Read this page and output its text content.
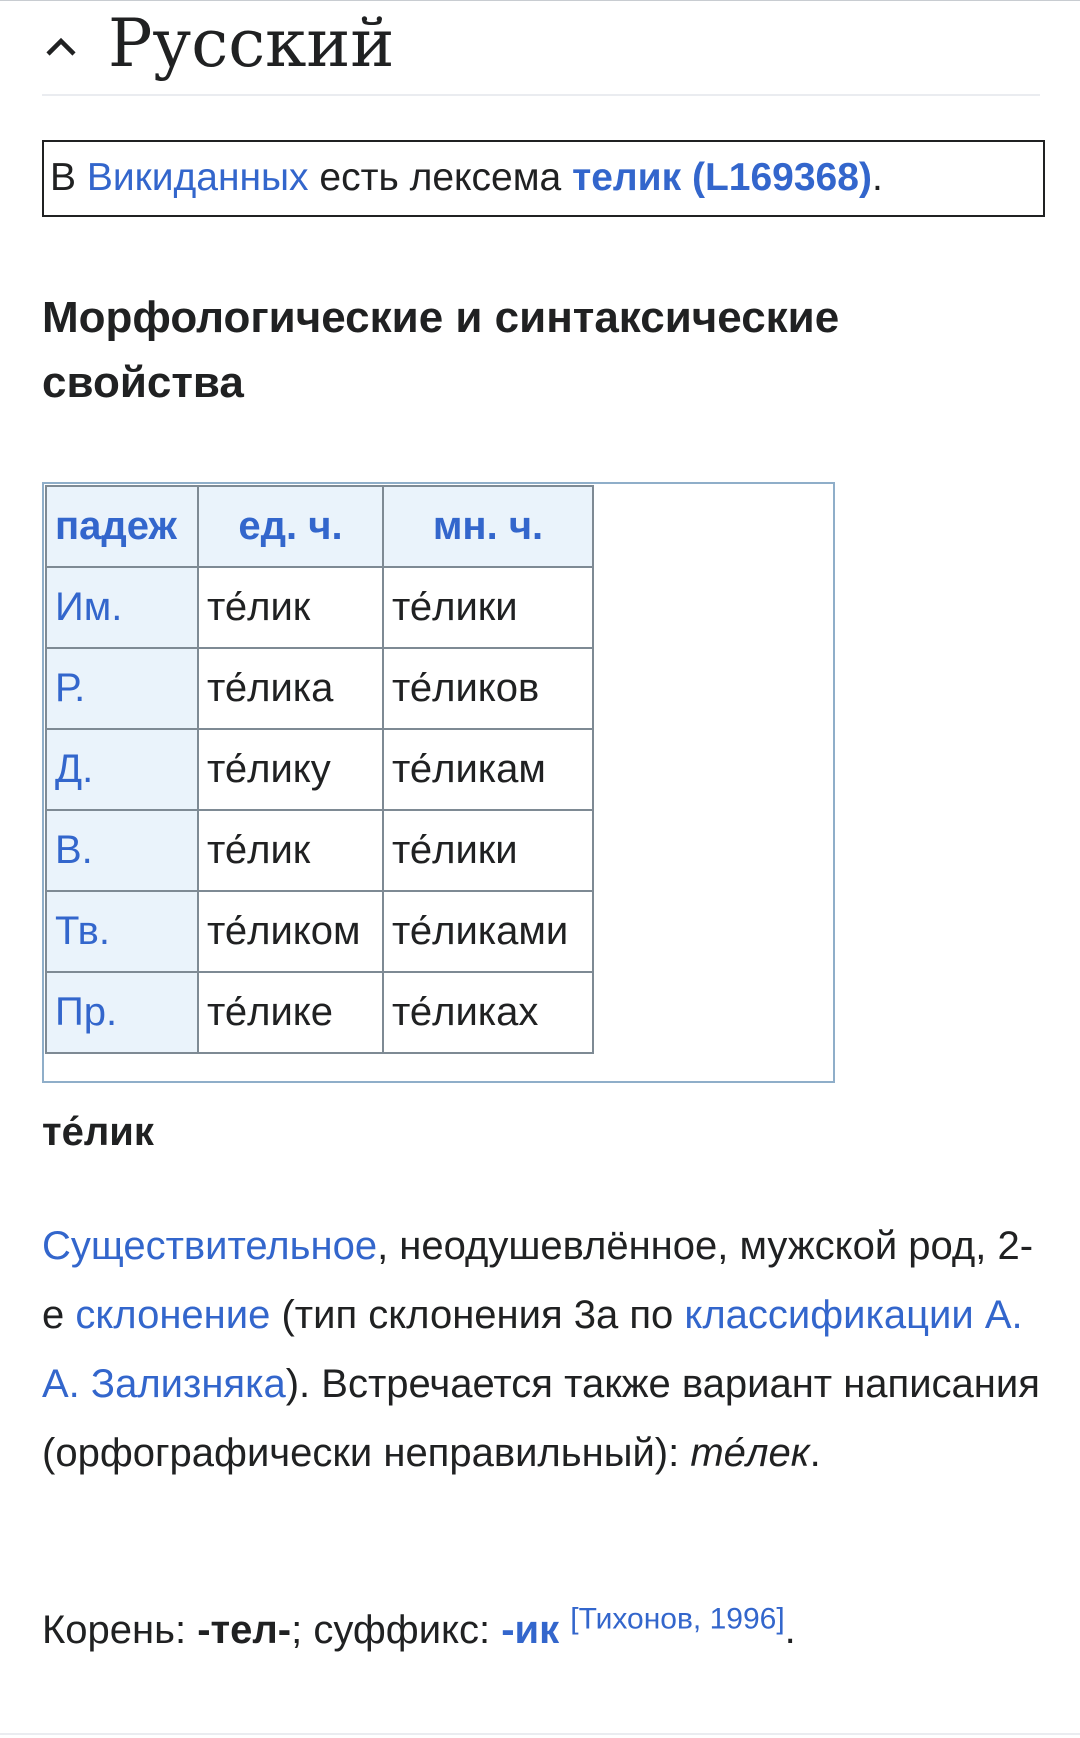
Русский
В Викиданных есть лексема телик (L169368).
Морфологические и синтаксические свойства
падеж	ед. ч.	мн. ч.
Им.	те́лик	те́лики
Р.	те́лика	те́ликов
Д.	те́лику	те́ликам
В.	те́лик	те́лики
Тв.	те́ликом	те́ликами
Пр.	те́лике	те́ликах
те́лик
Существительное, неодушевлённое, мужской род, 2-е склонение (тип склонения 3a по классификации А. А. Зализняка). Встречается также вариант написания (орфографически неправильный): те́лек.
Корень: -тел-; суффикс: -ик [Тихонов, 1996].
